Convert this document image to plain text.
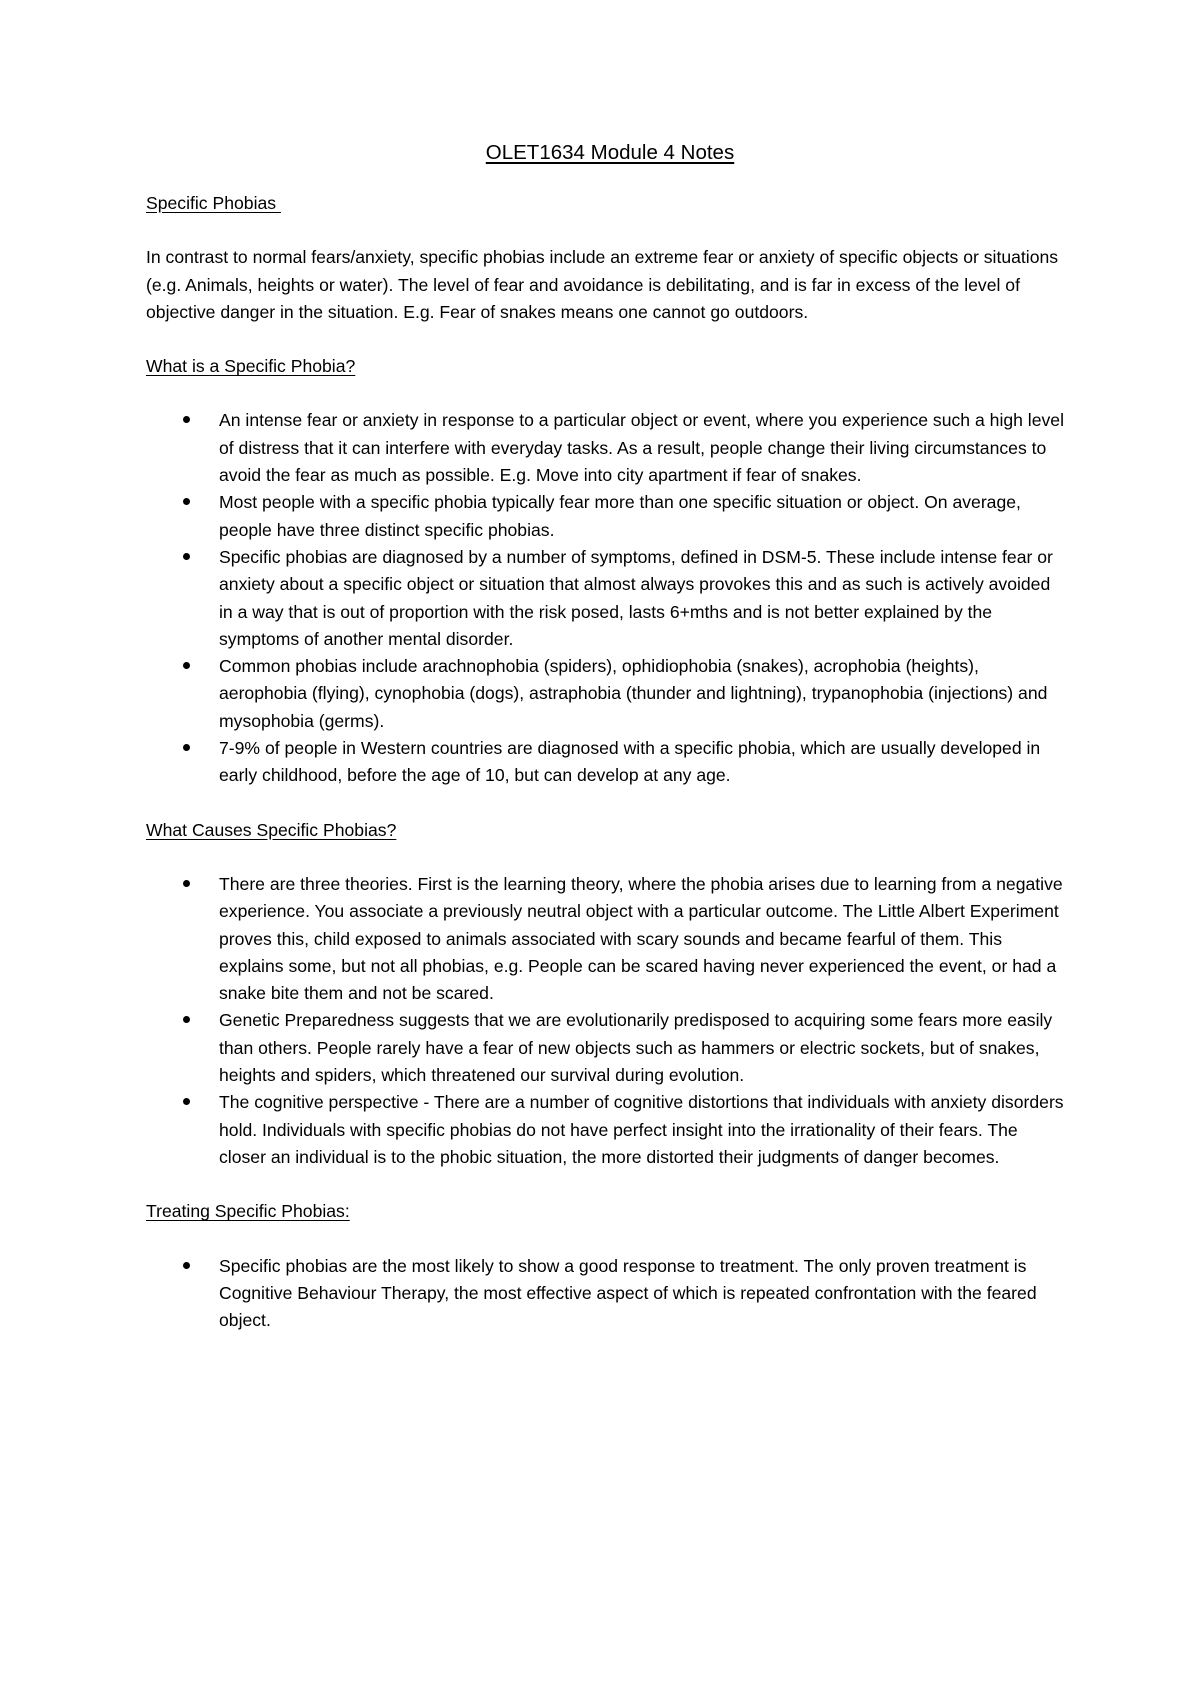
OLET1634 Module 4 Notes
Specific Phobias
In contrast to normal fears/anxiety, specific phobias include an extreme fear or anxiety of specific objects or situations (e.g. Animals, heights or water). The level of fear and avoidance is debilitating, and is far in excess of the level of objective danger in the situation. E.g. Fear of snakes means one cannot go outdoors.
What is a Specific Phobia?
An intense fear or anxiety in response to a particular object or event, where you experience such a high level of distress that it can interfere with everyday tasks. As a result, people change their living circumstances to avoid the fear as much as possible. E.g. Move into city apartment if fear of snakes.
Most people with a specific phobia typically fear more than one specific situation or object. On average, people have three distinct specific phobias.
Specific phobias are diagnosed by a number of symptoms, defined in DSM-5. These include intense fear or anxiety about a specific object or situation that almost always provokes this and as such is actively avoided in a way that is out of proportion with the risk posed, lasts 6+mths and is not better explained by the symptoms of another mental disorder.
Common phobias include arachnophobia (spiders), ophidiophobia (snakes), acrophobia (heights), aerophobia (flying), cynophobia (dogs), astraphobia (thunder and lightning), trypanophobia (injections) and mysophobia (germs).
7-9% of people in Western countries are diagnosed with a specific phobia, which are usually developed in early childhood, before the age of 10, but can develop at any age.
What Causes Specific Phobias?
There are three theories. First is the learning theory, where the phobia arises due to learning from a negative experience. You associate a previously neutral object with a particular outcome. The Little Albert Experiment proves this, child exposed to animals associated with scary sounds and became fearful of them. This explains some, but not all phobias, e.g. People can be scared having never experienced the event, or had a snake bite them and not be scared.
Genetic Preparedness suggests that we are evolutionarily predisposed to acquiring some fears more easily than others. People rarely have a fear of new objects such as hammers or electric sockets, but of snakes, heights and spiders, which threatened our survival during evolution.
The cognitive perspective - There are a number of cognitive distortions that individuals with anxiety disorders hold. Individuals with specific phobias do not have perfect insight into the irrationality of their fears. The closer an individual is to the phobic situation, the more distorted their judgments of danger becomes.
Treating Specific Phobias:
Specific phobias are the most likely to show a good response to treatment. The only proven treatment is Cognitive Behaviour Therapy, the most effective aspect of which is repeated confrontation with the feared object.
